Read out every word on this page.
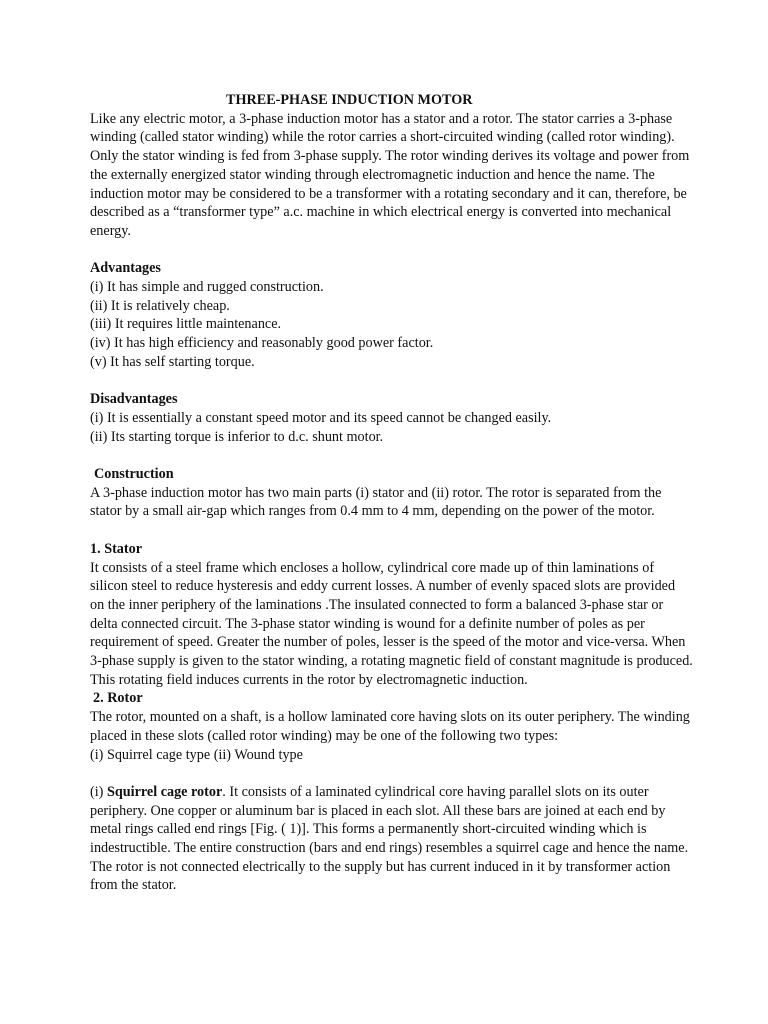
THREE-PHASE INDUCTION MOTOR

Like any electric motor, a 3-phase induction motor has a stator and a rotor. The stator carries a 3-phase

winding (called stator winding) while the rotor carries a short-circuited winding (called rotor winding).

Only the stator winding is fed from 3-phase supply. The rotor winding derives its voltage and power from

the externally energized stator winding through electromagnetic induction and hence the name. The

induction motor may be considered to be a transformer with a rotating secondary and it can, therefore, be

described as a “transformer type” a.c. machine in which electrical energy is converted into mechanical

energy.

Advantages

(i) It has simple and rugged construction.

(ii) It is relatively cheap.

(iii) It requires little maintenance.

(iv) It has high efficiency and reasonably good power factor.

(v) It has self starting torque.

Disadvantages

(i) It is essentially a constant speed motor and its speed cannot be changed easily.

(ii) Its starting torque is inferior to d.c. shunt motor.

Construction

A 3-phase induction motor has two main parts (i) stator and (ii) rotor. The rotor is separated from the

stator by a small air-gap which ranges from 0.4 mm to 4 mm, depending on the power of the motor.

1. Stator

It consists of a steel frame which encloses a hollow, cylindrical core made up of thin laminations of

silicon steel to reduce hysteresis and eddy current losses. A number of evenly spaced slots are provided

on the inner periphery of the laminations .The insulated connected to form a balanced 3-phase star or

delta connected circuit. The 3-phase stator winding is wound for a definite number of poles as per

requirement of speed. Greater the number of poles, lesser is the speed of the motor and vice-versa. When

3-phase supply is given to the stator winding, a rotating magnetic field of constant magnitude is produced.

This rotating field induces currents in the rotor by electromagnetic induction.

2. Rotor

The rotor, mounted on a shaft, is a hollow laminated core having slots on its outer periphery. The winding

placed in these slots (called rotor winding) may be one of the following two types:

(i) Squirrel cage type (ii) Wound type

(i) Squirrel cage rotor. It consists of a laminated cylindrical core having parallel slots on its outer

periphery. One copper or aluminum bar is placed in each slot. All these bars are joined at each end by

metal rings called end rings [Fig. ( 1)]. This forms a permanently short-circuited winding which is

indestructible. The entire construction (bars and end rings) resembles a squirrel cage and hence the name.

The rotor is not connected electrically to the supply but has current induced in it by transformer action

from the stator.
